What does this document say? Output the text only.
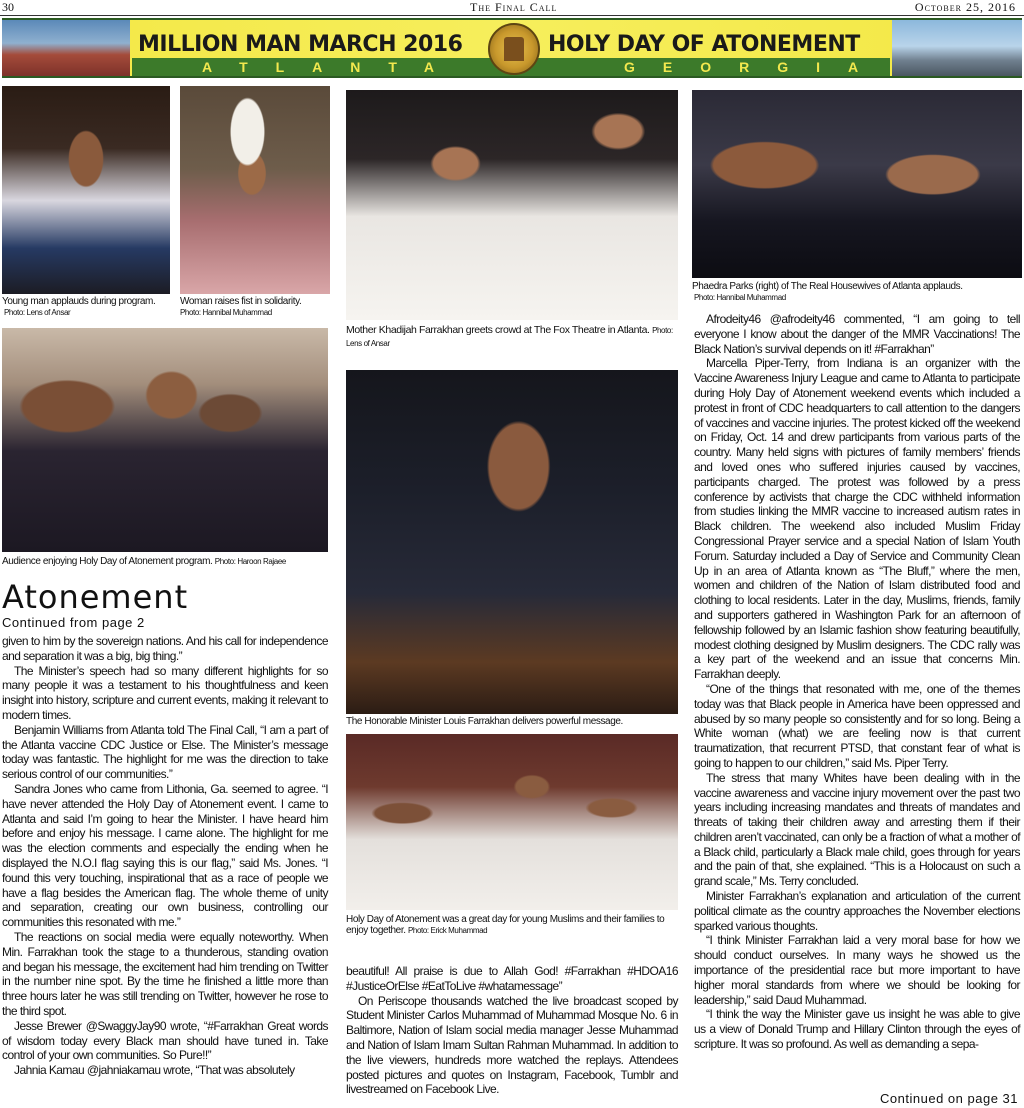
30	The Final Call	October 25, 2016
MILLION MAN MARCH 2016	HOLY DAY OF ATONEMENT
ATLANTA	GEORGIA
Young man applauds during program.
Photo: Lens of Ansar
Woman raises fist in solidarity.
Photo: Hannibal Muhammad
Mother Khadijah Farrakhan greets crowd at The Fox Theatre in Atlanta. Photo: Lens of Ansar
Phaedra Parks (right) of The Real Housewives of Atlanta applauds.
Photo: Hannibal Muhammad
Audience enjoying Holy Day of Atonement program. Photo: Haroon Rajaee
The Honorable Minister Louis Farrakhan delivers powerful message.
Holy Day of Atonement was a great day for young Muslims and their families to enjoy together. Photo: Erick Muhammad
Atonement
Continued from page 2

given to him by the sovereign nations. And his call for independence and separation it was a big, big thing.”

The Minister’s speech had so many different highlights for so many people it was a testament to his thoughtfulness and keen insight into history, scripture and current events, making it relevant to modern times.

Benjamin Williams from Atlanta told The Final Call, “I am a part of the Atlanta vaccine CDC Justice or Else. The Minister’s message today was fantastic. The highlight for me was the direction to take serious control of our communities.”

Sandra Jones who came from Lithonia, Ga. seemed to agree. “I have never attended the Holy Day of Atonement event. I came to Atlanta and said I’m going to hear the Minister. I have heard him before and enjoy his message. I came alone. The highlight for me was the election comments and especially the ending when he displayed the N.O.I flag saying this is our flag,” said Ms. Jones. “I found this very touching, inspirational that as a race of people we have a flag besides the American flag. The whole theme of unity and separation, creating our own business, controlling our communities this resonated with me.”

The reactions on social media were equally noteworthy. When Min. Farrakhan took the stage to a thunderous, standing ovation and began his message, the excitement had him trending on Twitter in the number nine spot. By the time he finished a little more than three hours later he was still trending on Twitter, however he rose to the third spot.

Jesse Brewer @SwaggyJay90 wrote, “#Farrakhan Great words of wisdom today every Black man should have tuned in. Take control of your own communities. So Pure!!”

Jahnia Kamau @jahniakamau wrote, “That was absolutely

beautiful! All praise is due to Allah God! #Farrakhan #HDOA16 #JusticeOrElse #EatToLive #whatamessage”

On Periscope thousands watched the live broadcast scoped by Student Minister Carlos Muhammad of Muhammad Mosque No. 6 in Baltimore, Nation of Islam social media manager Jesse Muhammad and Nation of Islam Imam Sultan Rahman Muhammad. In addition to the live viewers, hundreds more watched the replays. Attendees posted pictures and quotes on Instagram, Facebook, Tumblr and livestreamed on Facebook Live.

Afrodeity46 @afrodeity46 commented, “I am going to tell everyone I know about the danger of the MMR Vaccinations! The Black Nation’s survival depends on it! #Farrakhan”

Marcella Piper-Terry, from Indiana is an organizer with the Vaccine Awareness Injury League and came to Atlanta to participate during Holy Day of Atonement weekend events which included a protest in front of CDC headquarters to call attention to the dangers of vaccines and vaccine injuries. The protest kicked off the weekend on Friday, Oct. 14 and drew participants from various parts of the country. Many held signs with pictures of family members’ friends and loved ones who suffered injuries caused by vaccines, participants charged. The protest was followed by a press conference by activists that charge the CDC withheld information from studies linking the MMR vaccine to increased autism rates in Black children. The weekend also included Muslim Friday Congressional Prayer service and a special Nation of Islam Youth Forum. Saturday included a Day of Service and Community Clean Up in an area of Atlanta known as “The Bluff,” where the men, women and children of the Nation of Islam distributed food and clothing to local residents. Later in the day, Muslims, friends, family and supporters gathered in Washington Park for an afternoon of fellowship followed by an Islamic fashion show featuring beautifully, modest clothing designed by Muslim designers. The CDC rally was a key part of the weekend and an issue that concerns Min. Farrakhan deeply.

“One of the things that resonated with me, one of the themes today was that Black people in America have been oppressed and abused by so many people so consistently and for so long. Being a White woman (what) we are feeling now is that current traumatization, that recurrent PTSD, that constant fear of what is going to happen to our children,” said Ms. Piper Terry.

The stress that many Whites have been dealing with in the vaccine awareness and vaccine injury movement over the past two years including increasing mandates and threats of mandates and threats of taking their children away and arresting them if their children aren’t vaccinated, can only be a fraction of what a mother of a Black child, particularly a Black male child, goes through for years and the pain of that, she explained. “This is a Holocaust on such a grand scale,” Ms. Terry concluded.

Minister Farrakhan’s explanation and articulation of the current political climate as the country approaches the November elections sparked various thoughts.

“I think Minister Farrakhan laid a very moral base for how we should conduct ourselves. In many ways he showed us the importance of the presidential race but more important to have higher moral standards from where we should be looking for leadership,” said Daud Muhammad.

“I think the way the Minister gave us insight he was able to give us a view of Donald Trump and Hillary Clinton through the eyes of scripture. It was so profound. As well as demanding a sepa-

Continued on page 31
